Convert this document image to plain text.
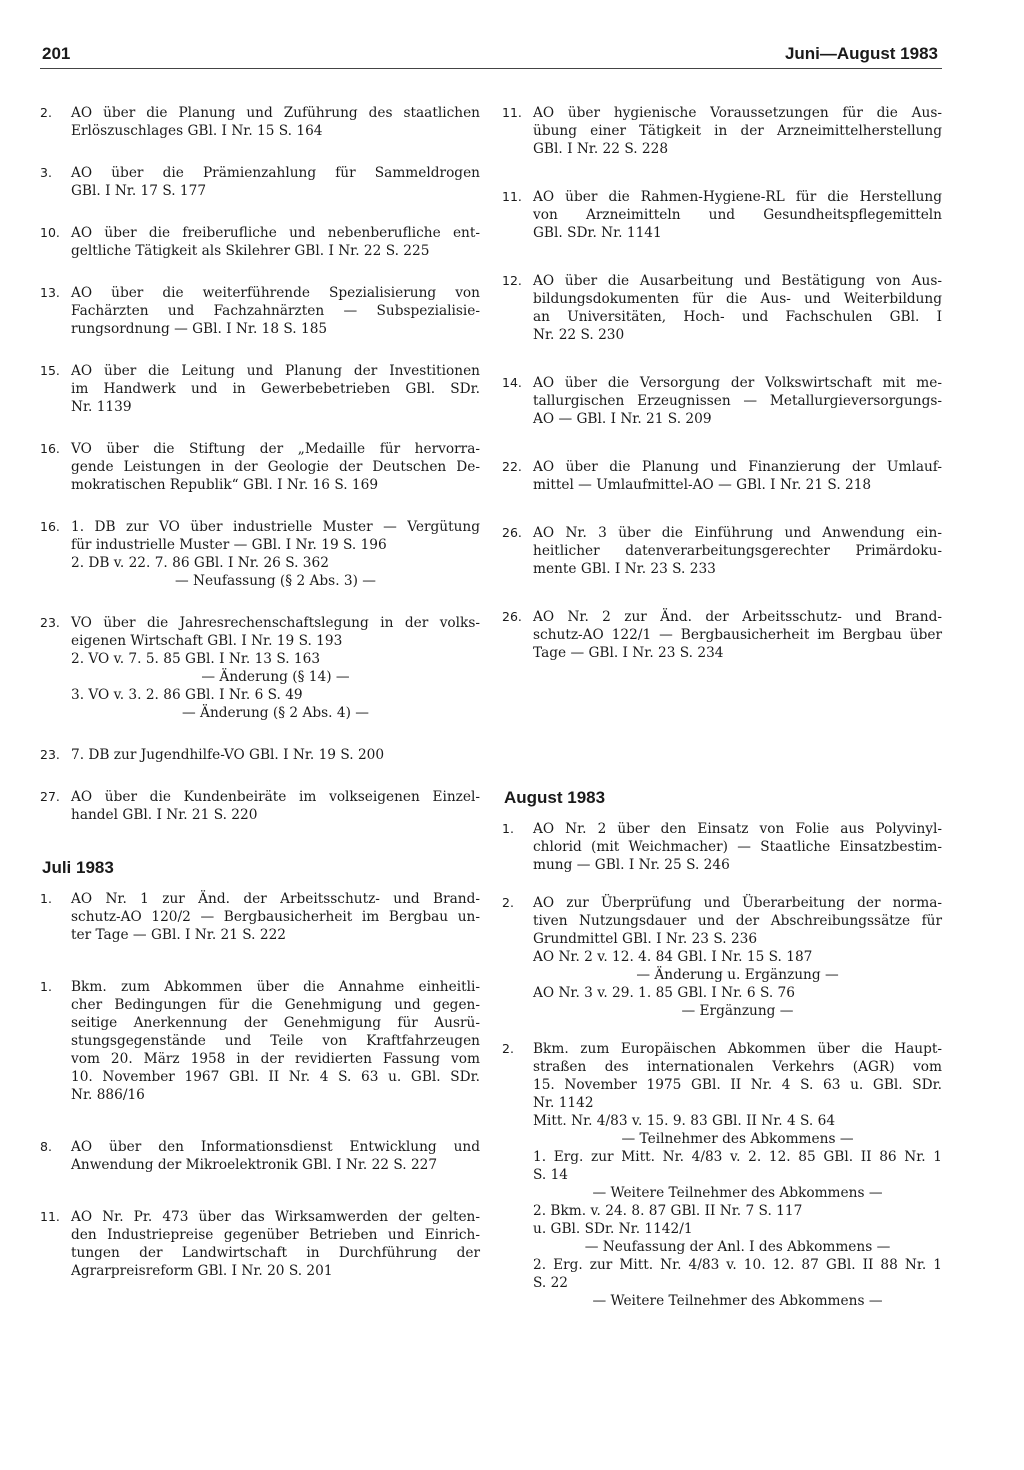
201	Juni—August 1983
2. AO über die Planung und Zuführung des staatlichen
Erlöszuschlages GBl. I Nr. 15 S. 164
3. AO über die Prämienzahlung für Sammeldrogen
GBl. I Nr. 17 S. 177
10. AO über die freiberufliche und nebenberufliche ent-
geltliche Tätigkeit als Skilehrer GBl. I Nr. 22 S. 225
13. AO über die weiterführende Spezialisierung von
Fachärzten und Fachzahnärzten — Subspezialisie-
rungsordnung — GBl. I Nr. 18 S. 185
15. AO über die Leitung und Planung der Investitionen
im Handwerk und in Gewerbebetrieben GBl. SDr.
Nr. 1139
16. VO über die Stiftung der „Medaille für hervorra-
gende Leistungen in der Geologie der Deutschen De-
mokratischen Republik“ GBl. I Nr. 16 S. 169
16. 1. DB zur VO über industrielle Muster — Vergütung
für industrielle Muster — GBl. I Nr. 19 S. 196
2. DB v. 22. 7. 86 GBl. I Nr. 26 S. 362
— Neufassung (§ 2 Abs. 3) —
23. VO über die Jahresrechenschaftslegung in der volks-
eigenen Wirtschaft GBl. I Nr. 19 S. 193
2. VO v. 7. 5. 85 GBl. I Nr. 13 S. 163
— Änderung (§ 14) —
3. VO v. 3. 2. 86 GBl. I Nr. 6 S. 49
— Änderung (§ 2 Abs. 4) —
23. 7. DB zur Jugendhilfe-VO GBl. I Nr. 19 S. 200
27. AO über die Kundenbeiräte im volkseigenen Einzel-
handel GBl. I Nr. 21 S. 220
Juli 1983
1. AO Nr. 1 zur Änd. der Arbeitsschutz- und Brand-
schutz-AO 120/2 — Bergbausicherheit im Bergbau un-
ter Tage — GBl. I Nr. 21 S. 222
1. Bkm. zum Abkommen über die Annahme einheitli-
cher Bedingungen für die Genehmigung und gegen-
seitige Anerkennung der Genehmigung für Ausrü-
stungsgegenstände und Teile von Kraftfahrzeugen
vom 20. März 1958 in der revidierten Fassung vom
10. November 1967 GBl. II Nr. 4 S. 63 u. GBl. SDr.
Nr. 886/16
8. AO über den Informationsdienst Entwicklung und
Anwendung der Mikroelektronik GBl. I Nr. 22 S. 227
11. AO Nr. Pr. 473 über das Wirksamwerden der gelten-
den Industriepreise gegenüber Betrieben und Einrich-
tungen der Landwirtschaft in Durchführung der
Agrarpreisreform GBl. I Nr. 20 S. 201
11. AO über hygienische Voraussetzungen für die Aus-
übung einer Tätigkeit in der Arzneimittelherstellung
GBl. I Nr. 22 S. 228
11. AO über die Rahmen-Hygiene-RL für die Herstellung
von Arzneimitteln und Gesundheitspflegemitteln
GBl. SDr. Nr. 1141
12. AO über die Ausarbeitung und Bestätigung von Aus-
bildungsdokumenten für die Aus- und Weiterbildung
an Universitäten, Hoch- und Fachschulen GBl. I
Nr. 22 S. 230
14. AO über die Versorgung der Volkswirtschaft mit me-
tallurgischen Erzeugnissen — Metallurgieversorgungs-
AO — GBl. I Nr. 21 S. 209
22. AO über die Planung und Finanzierung der Umlauf-
mittel — Umlaufmittel-AO — GBl. I Nr. 21 S. 218
26. AO Nr. 3 über die Einführung und Anwendung ein-
heitlicher datenverarbeitungsgerechter Primärdoku-
mente GBl. I Nr. 23 S. 233
26. AO Nr. 2 zur Änd. der Arbeitsschutz- und Brand-
schutz-AO 122/1 — Bergbausicherheit im Bergbau über
Tage — GBl. I Nr. 23 S. 234
August 1983
1. AO Nr. 2 über den Einsatz von Folie aus Polyvinyl-
chlorid (mit Weichmacher) — Staatliche Einsatzbestim-
mung — GBl. I Nr. 25 S. 246
2. AO zur Überprüfung und Überarbeitung der norma-
tiven Nutzungsdauer und der Abschreibungssätze für
Grundmittel GBl. I Nr. 23 S. 236
AO Nr. 2 v. 12. 4. 84 GBl. I Nr. 15 S. 187
— Änderung u. Ergänzung —
AO Nr. 3 v. 29. 1. 85 GBl. I Nr. 6 S. 76
— Ergänzung —
2. Bkm. zum Europäischen Abkommen über die Haupt-
straßen des internationalen Verkehrs (AGR) vom
15. November 1975 GBl. II Nr. 4 S. 63 u. GBl. SDr.
Nr. 1142
Mitt. Nr. 4/83 v. 15. 9. 83 GBl. II Nr. 4 S. 64
— Teilnehmer des Abkommens —
1. Erg. zur Mitt. Nr. 4/83 v. 2. 12. 85 GBl. II 86 Nr. 1
S. 14
— Weitere Teilnehmer des Abkommens —
2. Bkm. v. 24. 8. 87 GBl. II Nr. 7 S. 117
u. GBl. SDr. Nr. 1142/1
— Neufassung der Anl. I des Abkommens —
2. Erg. zur Mitt. Nr. 4/83 v. 10. 12. 87 GBl. II 88 Nr. 1
S. 22
— Weitere Teilnehmer des Abkommens —
